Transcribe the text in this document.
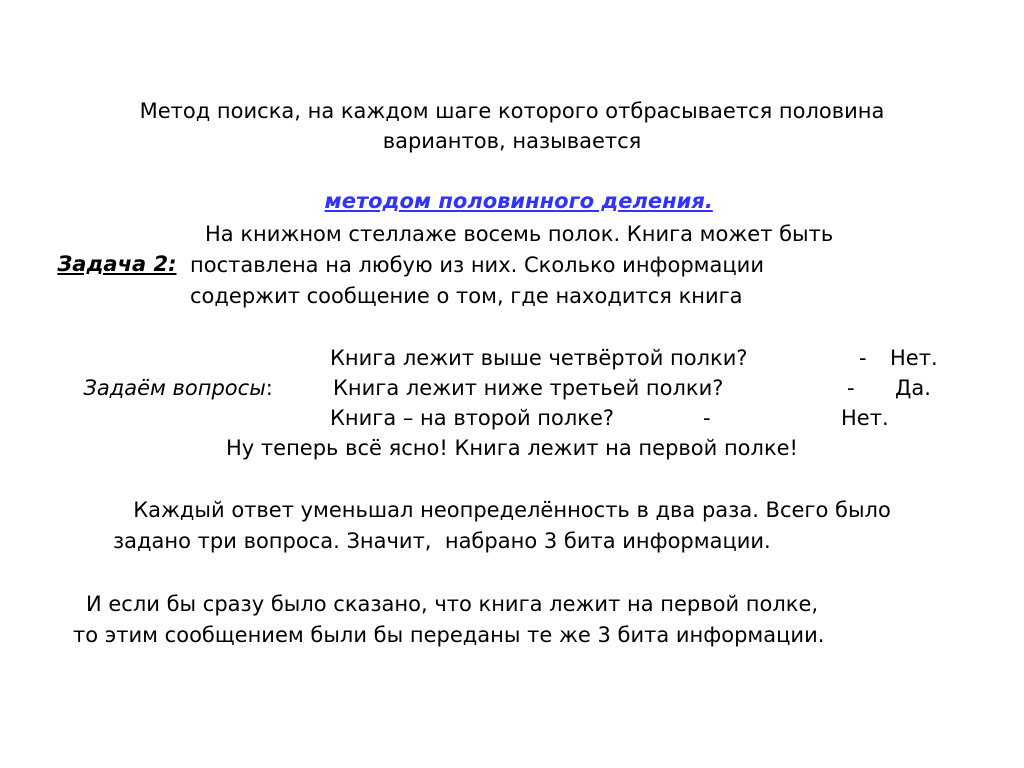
Метод поиска, на каждом шаге которого отбрасывается половина
вариантов, называется

методом половинного деления.

Задача 2:

На книжном стеллаже восемь полок. Книга может быть
поставлена на любую из них. Сколько информации
содержит сообщение о том, где находится книга

Задаём вопросы:

Книга лежит выше четвёртой полки?	- Нет.
Книга лежит ниже третьей полки?	- Да.
Книга – на второй полке?	-	Нет.
Ну теперь всё ясно! Книга лежит на первой полке!
Каждый ответ уменьшал неопределённость в два раза. Всего было
задано три вопроса. Значит,  набрано 3 бита информации.
И если бы сразу было сказано, что книга лежит на первой полке,
то этим сообщением были бы переданы те же 3 бита информации.
